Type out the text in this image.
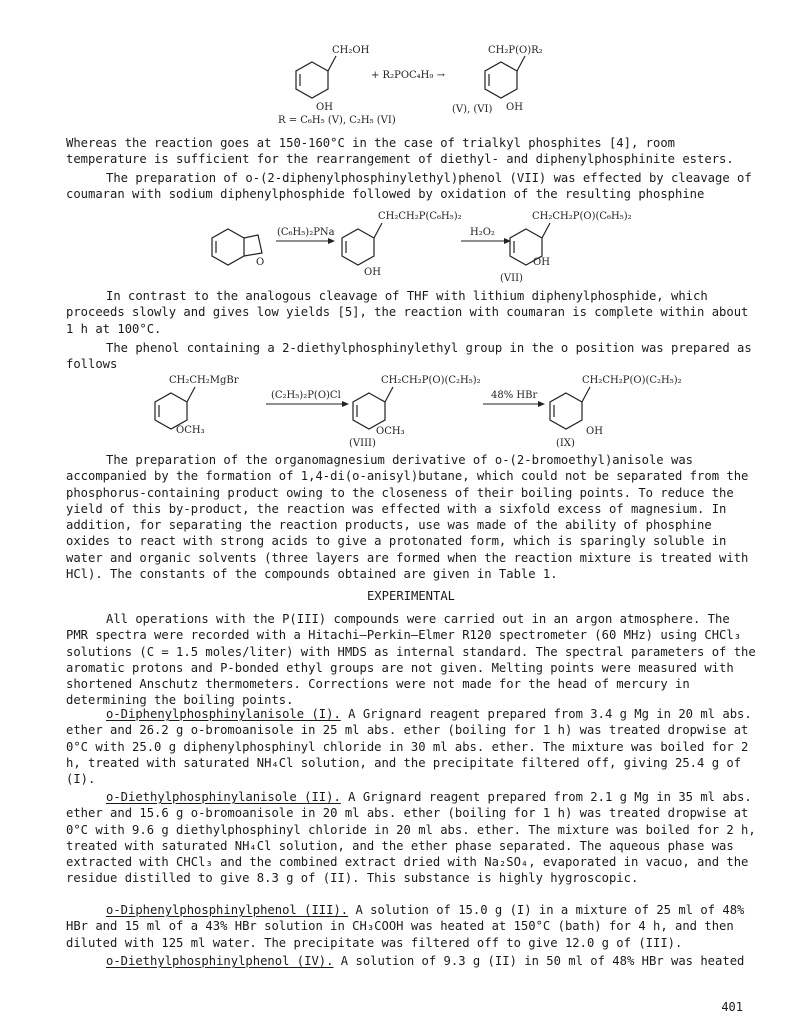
CH₂OH
OH
+ R₂POC₄H₉ →
CH₂P(O)R₂
OH
(V), (VI)
R = C₆H₅ (V), C₂H₅ (VI)

Whereas the reaction goes at 150-160°C in the case of trialkyl phosphites [4], room temperature is sufficient for the rearrangement of diethyl- and diphenylphosphinite esters.

The preparation of o-(2-diphenylphosphinylethyl)phenol (VII) was effected by cleavage of coumaran with sodium diphenylphosphide followed by oxidation of the resulting phosphine

O
(C₆H₅)₂PNa
CH₂CH₂P(C₆H₅)₂
OH
H₂O₂
CH₂CH₂P(O)(C₆H₅)₂
OH
(VII)

In contrast to the analogous cleavage of THF with lithium diphenylphosphide, which proceeds slowly and gives low yields [5], the reaction with coumaran is complete within about 1 h at 100°C.

The phenol containing a 2-diethylphosphinylethyl group in the o position was prepared as follows

CH₂CH₂MgBr
OCH₃
(C₂H₅)₂P(O)Cl
CH₂CH₂P(O)(C₂H₅)₂
OCH₃
(VIII)
48% HBr
CH₂CH₂P(O)(C₂H₅)₂
OH
(IX)

The preparation of the organomagnesium derivative of o-(2-bromoethyl)anisole was accompanied by the formation of 1,4-di(o-anisyl)butane, which could not be separated from the phosphorus-containing product owing to the closeness of their boiling points. To reduce the yield of this by-product, the reaction was effected with a sixfold excess of magnesium. In addition, for separating the reaction products, use was made of the ability of phosphine oxides to react with strong acids to give a protonated form, which is sparingly soluble in water and organic solvents (three layers are formed when the reaction mixture is treated with HCl). The constants of the compounds obtained are given in Table 1.

EXPERIMENTAL

All operations with the P(III) compounds were carried out in an argon atmosphere. The PMR spectra were recorded with a Hitachi–Perkin–Elmer R120 spectrometer (60 MHz) using CHCl₃ solutions (C = 1.5 moles/liter) with HMDS as internal standard. The spectral parameters of the aromatic protons and P-bonded ethyl groups are not given. Melting points were measured with shortened Anschutz thermometers. Corrections were not made for the head of mercury in determining the boiling points.

o-Diphenylphosphinylanisole (I). A Grignard reagent prepared from 3.4 g Mg in 20 ml abs. ether and 26.2 g o-bromoanisole in 25 ml abs. ether (boiling for 1 h) was treated dropwise at 0°C with 25.0 g diphenylphosphinyl chloride in 30 ml abs. ether. The mixture was boiled for 2 h, treated with saturated NH₄Cl solution, and the precipitate filtered off, giving 25.4 g of (I).

o-Diethylphosphinylanisole (II). A Grignard reagent prepared from 2.1 g Mg in 35 ml abs. ether and 15.6 g o-bromoanisole in 20 ml abs. ether (boiling for 1 h) was treated dropwise at 0°C with 9.6 g diethylphosphinyl chloride in 20 ml abs. ether. The mixture was boiled for 2 h, treated with saturated NH₄Cl solution, and the ether phase separated. The aqueous phase was extracted with CHCl₃ and the combined extract dried with Na₂SO₄, evaporated in vacuo, and the residue distilled to give 8.3 g of (II). This substance is highly hygroscopic.

o-Diphenylphosphinylphenol (III). A solution of 15.0 g (I) in a mixture of 25 ml of 48% HBr and 15 ml of a 43% HBr solution in CH₃COOH was heated at 150°C (bath) for 4 h, and then diluted with 125 ml water. The precipitate was filtered off to give 12.0 g of (III).

o-Diethylphosphinylphenol (IV). A solution of 9.3 g (II) in 50 ml of 48% HBr was heated

401
